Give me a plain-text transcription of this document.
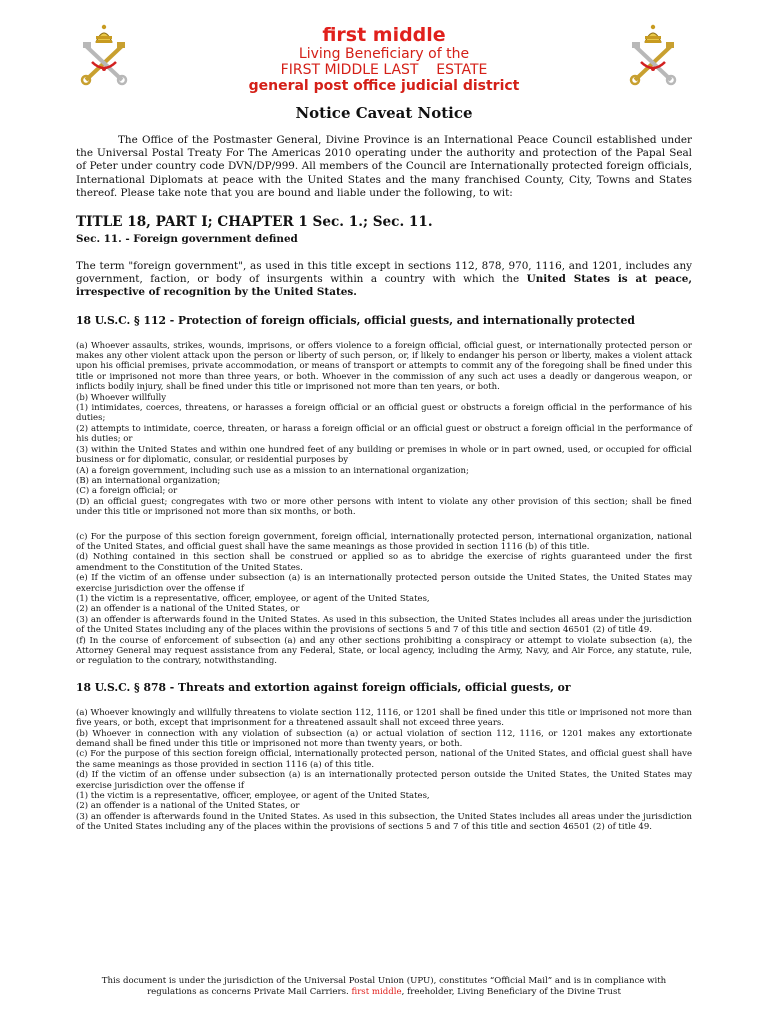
first middle
Living Beneficiary of the
FIRST MIDDLE LAST    ESTATE
general post office judicial district
Notice Caveat Notice

The Office of the Postmaster General, Divine Province is an International Peace Council established under the Universal Postal Treaty For The Americas 2010 operating under the authority and protection of the Papal Seal of Peter under country code DVN/DP/999. All members of the Council are Internationally protected foreign officials, International Diplomats at peace with the United States and the many franchised County, City, Towns and States thereof. Please take note that you are bound and liable under the following, to wit:

TITLE 18, PART I; CHAPTER 1 Sec. 1.; Sec. 11.
Sec. 11. - Foreign government defined

The term "foreign government", as used in this title except in sections 112, 878, 970, 1116, and 1201, includes any government, faction, or body of insurgents within a country with which the United States is at peace, irrespective of recognition by the United States.

18 U.S.C. § 112 - Protection of foreign officials, official guests, and internationally protected

(a) Whoever assaults, strikes, wounds, imprisons, or offers violence to a foreign official, official guest, or internationally protected person or makes any other violent attack upon the person or liberty of such person, or, if likely to endanger his person or liberty, makes a violent attack upon his official premises, private accommodation, or means of transport or attempts to commit any of the foregoing shall be fined under this title or imprisoned not more than three years, or both. Whoever in the commission of any such act uses a deadly or dangerous weapon, or inflicts bodily injury, shall be fined under this title or imprisoned not more than ten years, or both.

(b) Whoever willfully

(1) intimidates, coerces, threatens, or harasses a foreign official or an official guest or obstructs a foreign official in the performance of his duties;

(2) attempts to intimidate, coerce, threaten, or harass a foreign official or an official guest or obstruct a foreign official in the performance of his duties; or

(3) within the United States and within one hundred feet of any building or premises in whole or in part owned, used, or occupied for official business or for diplomatic, consular, or residential purposes by

(A) a foreign government, including such use as a mission to an international organization;

(B) an international organization;

(C) a foreign official; or

(D) an official guest; congregates with two or more other persons with intent to violate any other provision of this section; shall be fined under this title or imprisoned not more than six months, or both.

(c) For the purpose of this section foreign government, foreign official, internationally protected person, international organization, national of the United States, and official guest shall have the same meanings as those provided in section 1116 (b) of this title.

(d) Nothing contained in this section shall be construed or applied so as to abridge the exercise of rights guaranteed under the first amendment to the Constitution of the United States.

(e) If the victim of an offense under subsection (a) is an internationally protected person outside the United States, the United States may exercise jurisdiction over the offense if

(1) the victim is a representative, officer, employee, or agent of the United States,

(2) an offender is a national of the United States, or

(3) an offender is afterwards found in the United States. As used in this subsection, the United States includes all areas under the jurisdiction of the United States including any of the places within the provisions of sections 5 and 7 of this title and section 46501 (2) of title 49.

(f) In the course of enforcement of subsection (a) and any other sections prohibiting a conspiracy or attempt to violate subsection (a), the Attorney General may request assistance from any Federal, State, or local agency, including the Army, Navy, and Air Force, any statute, rule, or regulation to the contrary, notwithstanding.

18 U.S.C. § 878 - Threats and extortion against foreign officials, official guests, or

(a) Whoever knowingly and willfully threatens to violate section 112, 1116, or 1201 shall be fined under this title or imprisoned not more than five years, or both, except that imprisonment for a threatened assault shall not exceed three years.

(b) Whoever in connection with any violation of subsection (a) or actual violation of section 112, 1116, or 1201 makes any extortionate demand shall be fined under this title or imprisoned not more than twenty years, or both.

(c) For the purpose of this section foreign official, internationally protected person, national of the United States, and official guest shall have the same meanings as those provided in section 1116 (a) of this title.

(d) If the victim of an offense under subsection (a) is an internationally protected person outside the United States, the United States may exercise jurisdiction over the offense if

(1) the victim is a representative, officer, employee, or agent of the United States,

(2) an offender is a national of the United States, or

(3) an offender is afterwards found in the United States. As used in this subsection, the United States includes all areas under the jurisdiction of the United States including any of the places within the provisions of sections 5 and 7 of this title and section 46501 (2) of title 49.

This document is under the jurisdiction of the Universal Postal Union (UPU), constitutes “Official Mail” and is in compliance with
regulations as concerns Private Mail Carriers. first middle, freeholder, Living Beneficiary of the Divine Trust
